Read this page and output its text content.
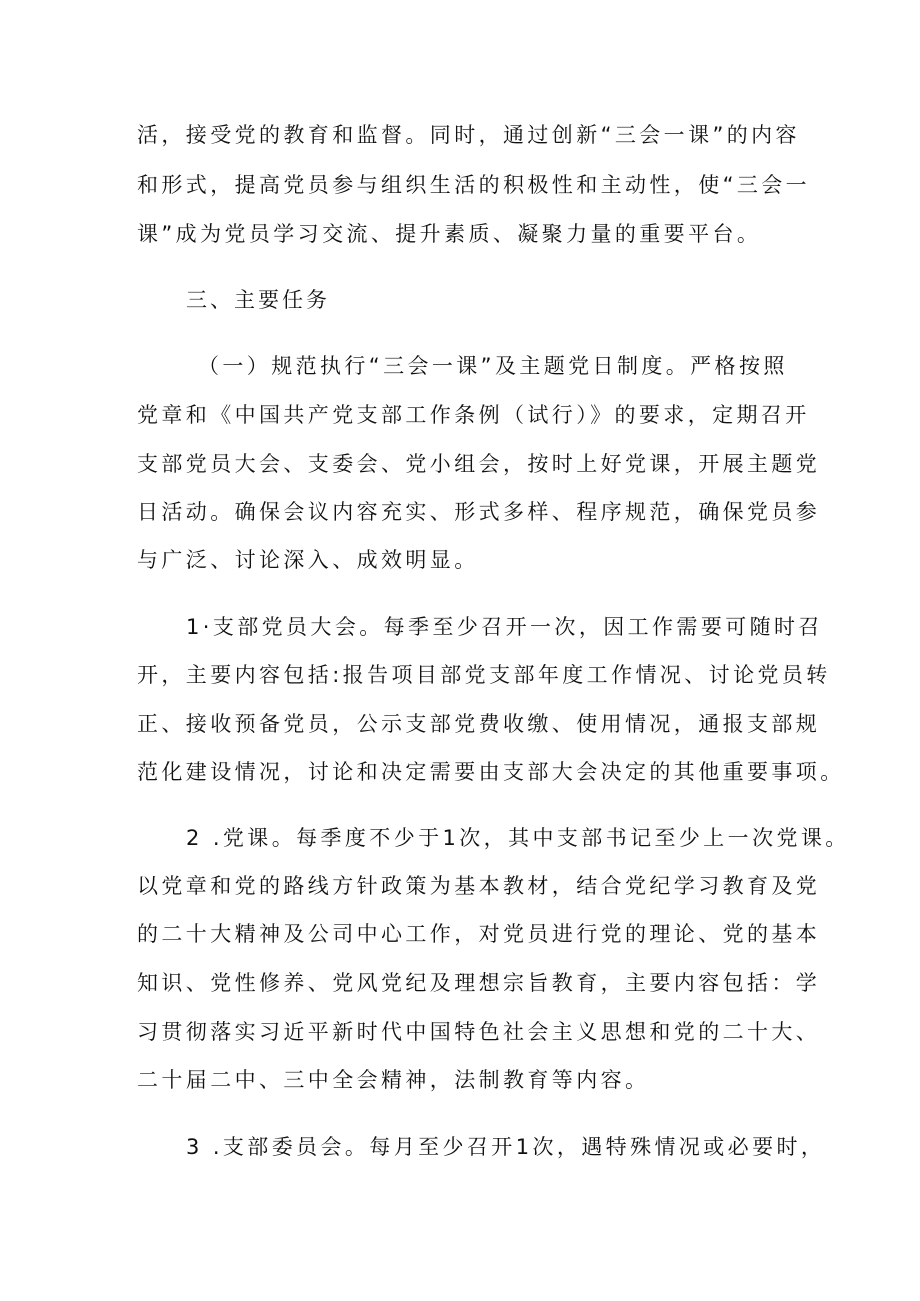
活，接受党的教育和监督。同时，通过创新“三会一课”的内容
和形式，提高党员参与组织生活的积极性和主动性，使“三会一
课”成为党员学习交流、提升素质、凝聚力量的重要平台。
三、主要任务
（一）规范执行“三会一课”及主题党日制度。严格按照
党章和《中国共产党支部工作条例（试行）》的要求，定期召开
支部党员大会、支委会、党小组会，按时上好党课，开展主题党
日活动。确保会议内容充实、形式多样、程序规范，确保党员参
与广泛、讨论深入、成效明显。
1·支部党员大会。每季至少召开一次，因工作需要可随时召
开，主要内容包括:报告项目部党支部年度工作情况、讨论党员转
正、接收预备党员，公示支部党费收缴、使用情况，通报支部规
范化建设情况，讨论和决定需要由支部大会决定的其他重要事项。
2 .党课。每季度不少于1次，其中支部书记至少上一次党课。
以党章和党的路线方针政策为基本教材，结合党纪学习教育及党
的二十大精神及公司中心工作，对党员进行党的理论、党的基本
知识、党性修养、党风党纪及理想宗旨教育，主要内容包括：学
习贯彻落实习近平新时代中国特色社会主义思想和党的二十大、
二十届二中、三中全会精神，法制教育等内容。
3 .支部委员会。每月至少召开1次，遇特殊情况或必要时，
